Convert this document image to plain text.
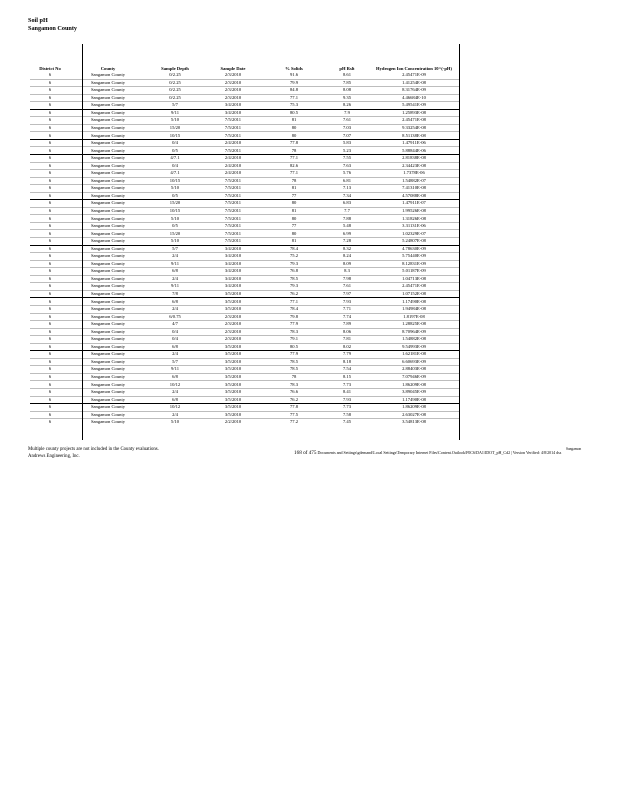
Soil pH
Sangamon County
District No	County	Sample Depth	Sample Date	% Solids	pH Rslt	Hydrogen Ion Concentration 10^(-pH)
6	Sangamon County	0/2.25	2/3/2010	91.6	8.61	2.45471E-09
6	Sangamon County	0/2.25	2/3/2010	79.9	7.85	1.41254E-08
6	Sangamon County	0/2.25	2/3/2010	84.8	8.08	8.31764E-09
6	Sangamon County	0/2.25	2/3/2010	77.1	9.35	4.46684E-10
6	Sangamon County	5/7	3/4/2010	75.3	8.26	5.49541E-09
6	Sangamon County	9/11	3/4/2010	80.5	7.9	1.25893E-08
6	Sangamon County	5/10	7/5/2011	81	7.61	2.45471E-08
6	Sangamon County	15/20	7/5/2011	80	7.03	9.33254E-08
6	Sangamon County	10/15	7/5/2011	80	7.07	8.51138E-08
6	Sangamon County	0/4	2/4/2010	77.8	5.83	1.47911E-06
6	Sangamon County	0/5	7/5/2011	78	5.23	5.88844E-06
6	Sangamon County	4/7.1	2/4/2010	77.1	7.55	2.81838E-08
6	Sangamon County	0/4	2/4/2010	82.6	7.63	2.34423E-08
6	Sangamon County	4/7.1	2/4/2010	77.1	5.76	1.7378E-06
6	Sangamon County	10/15	7/5/2011	78	6.81	1.54882E-07
6	Sangamon County	5/10	7/5/2011	81	7.13	7.41310E-08
6	Sangamon County	0/5	7/5/2011	77	7.34	4.57088E-08
6	Sangamon County	15/20	7/5/2011	80	6.83	1.47911E-07
6	Sangamon County	10/15	7/5/2011	81	7.7	1.99526E-08
6	Sangamon County	5/10	7/5/2011	80	7.88	1.31826E-08
6	Sangamon County	0/5	7/5/2011	77	5.48	3.31131E-06
6	Sangamon County	15/20	7/5/2011	80	6.99	1.02329E-07
6	Sangamon County	5/10	7/5/2011	81	7.28	5.24807E-08
6	Sangamon County	5/7	3/4/2010	78.4	8.32	4.78630E-09
6	Sangamon County	2/4	3/4/2010	75.2	8.24	5.75440E-09
6	Sangamon County	9/11	3/4/2010	79.3	8.09	8.12831E-09
6	Sangamon County	6/8	3/4/2010	76.8	8.3	5.01187E-09
6	Sangamon County	2/4	3/4/2010	78.5	7.98	1.04713E-08
6	Sangamon County	9/11	3/4/2010	79.3	7.61	2.45471E-08
6	Sangamon County	7/8	3/5/2010	76.2	7.97	1.07152E-08
6	Sangamon County	6/8	3/5/2010	77.1	7.93	1.17490E-08
6	Sangamon County	2/4	3/5/2010	78.4	7.71	1.94984E-08
6	Sangamon County	6/0.75	2/3/2010	79.8	7.74	1.8197E-08
6	Sangamon County	4/7	2/3/2010	77.9	7.89	1.28825E-08
6	Sangamon County	0/4	2/3/2010	78.3	8.06	8.70964E-09
6	Sangamon County	0/4	2/3/2010	79.1	7.81	1.54882E-08
6	Sangamon County	6/8	3/5/2010	80.5	8.02	9.54993E-09
6	Sangamon County	2/4	3/5/2010	77.9	7.79	1.62181E-08
6	Sangamon County	5/7	3/5/2010	78.5	8.18	6.60693E-09
6	Sangamon County	9/11	3/5/2010	78.5	7.54	2.88403E-08
6	Sangamon County	6/8	3/5/2010	78	8.15	7.07946E-09
6	Sangamon County	10/12	3/5/2010	78.3	7.73	1.86209E-08
6	Sangamon County	2/4	3/5/2010	76.6	8.41	3.89045E-09
6	Sangamon County	6/8	3/5/2010	76.2	7.93	1.17490E-08
6	Sangamon County	10/12	3/5/2010	77.8	7.73	1.86209E-08
6	Sangamon County	2/4	3/5/2010	77.5	7.58	2.63027E-08
6	Sangamon County	5/10	2/2/2010	77.2	7.45	3.54813E-08
Multiple county projects are not included in the County evaluations.
Andrews Engineering, Inc.
168 of 475 Documents and Settings\gdemand\Local Settings\Temporary Internet Files\Content.Outlook\F0C6\DA1\IDOT_pH_Cd2 | Version Verified: 4/8/2014 dss
Sangamon
